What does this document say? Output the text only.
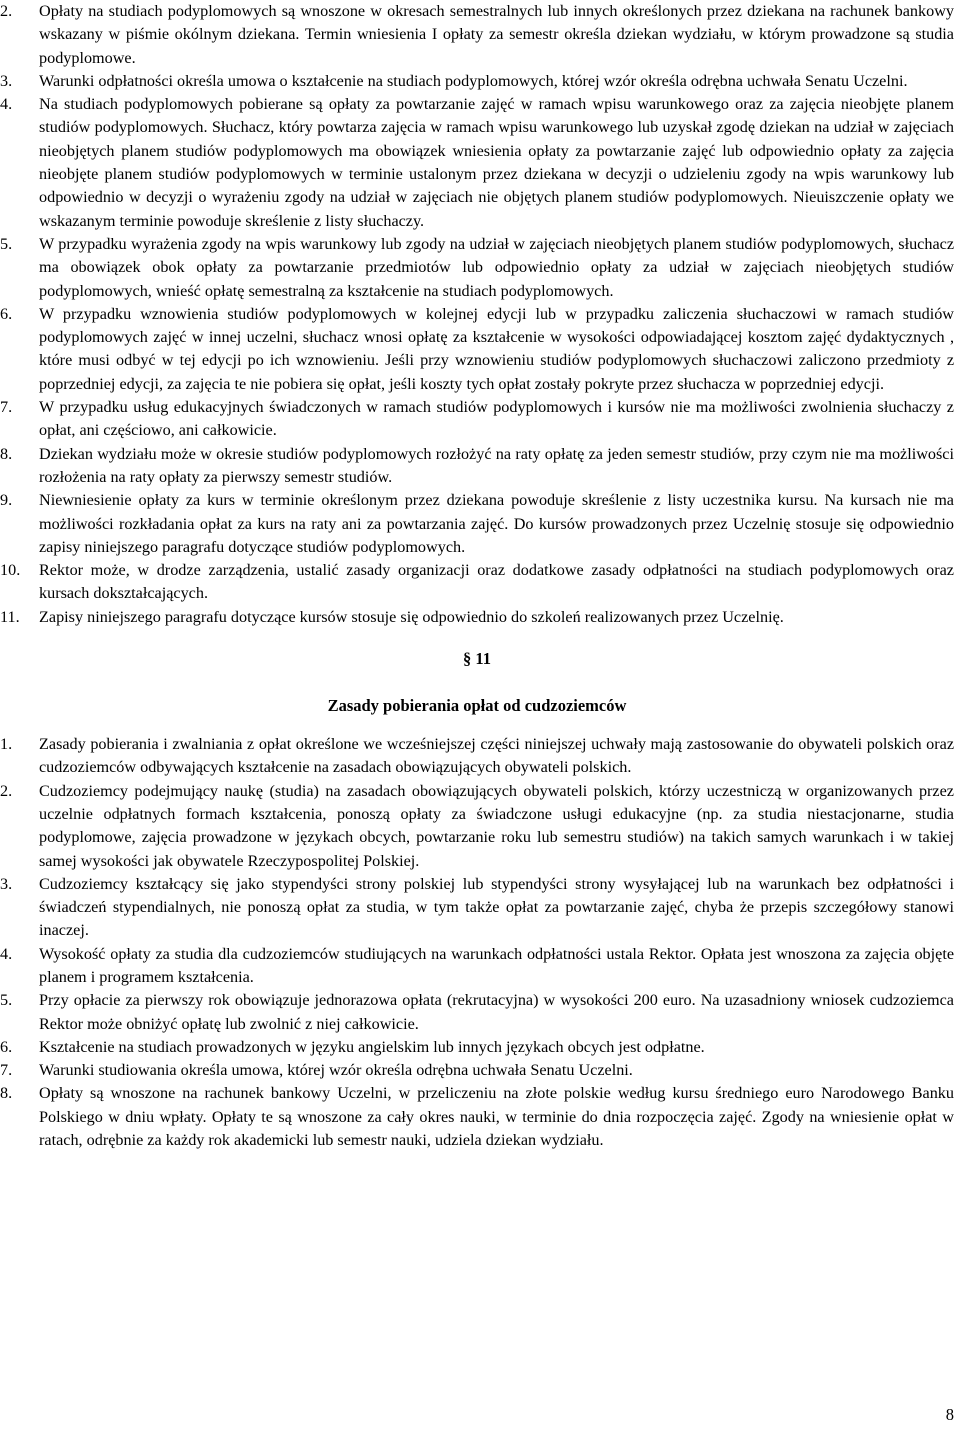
2.	Opłaty na studiach podyplomowych są wnoszone w okresach semestralnych lub innych określonych przez dziekana na rachunek bankowy wskazany w piśmie okólnym dziekana. Termin wniesienia I opłaty za semestr określa dziekan wydziału, w którym prowadzone są studia podyplomowe.
3.	Warunki odpłatności określa umowa o kształcenie na studiach podyplomowych, której wzór określa odrębna uchwała Senatu Uczelni.
4.	Na studiach podyplomowych pobierane są opłaty za powtarzanie zajęć w ramach wpisu warunkowego oraz za zajęcia nieobjęte planem studiów podyplomowych. Słuchacz, który powtarza zajęcia w ramach wpisu warunkowego lub uzyskał zgodę dziekan na udział w zajęciach nieobjętych planem studiów podyplomowych ma obowiązek wniesienia opłaty za powtarzanie zajęć lub odpowiednio opłaty za zajęcia nieobjęte planem studiów podyplomowych w terminie ustalonym przez dziekana w decyzji o udzieleniu zgody na wpis warunkowy lub odpowiednio w decyzji o wyrażeniu zgody na udział w zajęciach nie objętych planem studiów podyplomowych. Nieuiszczenie opłaty we wskazanym terminie powoduje skreślenie z listy słuchaczy.
5.	W przypadku wyrażenia zgody na wpis warunkowy lub zgody na udział w zajęciach nieobjętych planem studiów podyplomowych, słuchacz ma obowiązek obok opłaty za powtarzanie przedmiotów lub odpowiednio opłaty za udział w zajęciach nieobjętych studiów podyplomowych, wnieść opłatę semestralną za kształcenie na studiach podyplomowych.
6.	W przypadku wznowienia studiów podyplomowych w kolejnej edycji lub w przypadku zaliczenia słuchaczowi w ramach studiów podyplomowych zajęć w innej uczelni, słuchacz wnosi opłatę za kształcenie w wysokości odpowiadającej kosztom zajęć dydaktycznych , które musi odbyć w tej edycji po ich wznowieniu. Jeśli przy wznowieniu studiów podyplomowych słuchaczowi zaliczono przedmioty z poprzedniej edycji, za zajęcia te nie pobiera się opłat, jeśli koszty tych opłat zostały pokryte przez słuchacza w poprzedniej edycji.
7.	W przypadku usług edukacyjnych świadczonych w ramach studiów podyplomowych i kursów nie ma możliwości zwolnienia słuchaczy z opłat, ani częściowo, ani całkowicie.
8.	Dziekan wydziału może w okresie studiów podyplomowych rozłożyć na raty opłatę za jeden semestr studiów, przy czym nie ma możliwości rozłożenia na raty opłaty za pierwszy semestr studiów.
9.	Niewniesienie opłaty za kurs w terminie określonym przez dziekana powoduje skreślenie z listy uczestnika kursu. Na kursach nie ma możliwości rozkładania opłat za kurs na raty ani za powtarzania zajęć. Do kursów prowadzonych przez Uczelnię stosuje się odpowiednio zapisy niniejszego paragrafu dotyczące studiów podyplomowych.
10.	Rektor może, w drodze zarządzenia, ustalić zasady organizacji oraz dodatkowe zasady odpłatności na studiach podyplomowych oraz kursach dokształcających.
11.	Zapisy niniejszego paragrafu dotyczące kursów stosuje się odpowiednio do szkoleń realizowanych przez Uczelnię.
§ 11
Zasady pobierania opłat od cudzoziemców
1.	Zasady pobierania i zwalniania z opłat określone we wcześniejszej części niniejszej uchwały mają zastosowanie do obywateli polskich oraz cudzoziemców odbywających kształcenie na zasadach obowiązujących obywateli polskich.
2.	Cudzoziemcy podejmujący naukę (studia) na zasadach obowiązujących obywateli polskich, którzy uczestniczą w organizowanych przez uczelnie odpłatnych formach kształcenia, ponoszą opłaty za świadczone usługi edukacyjne (np. za studia niestacjonarne, studia podyplomowe, zajęcia prowadzone w językach obcych, powtarzanie roku lub semestru studiów) na takich samych warunkach i w takiej samej wysokości jak obywatele Rzeczypospolitej Polskiej.
3.	Cudzoziemcy kształcący się jako stypendyści strony polskiej lub stypendyści strony wysyłającej lub na warunkach bez odpłatności i świadczeń stypendialnych, nie ponoszą opłat za studia, w tym także opłat za powtarzanie zajęć, chyba że przepis szczegółowy stanowi inaczej.
4.	Wysokość opłaty za studia dla cudzoziemców studiujących na warunkach odpłatności ustala Rektor. Opłata jest wnoszona za zajęcia objęte planem i programem kształcenia.
5.	Przy opłacie za pierwszy rok obowiązuje jednorazowa opłata (rekrutacyjna) w wysokości 200 euro. Na uzasadniony wniosek cudzoziemca Rektor może obniżyć opłatę lub zwolnić z niej całkowicie.
6.	Kształcenie na studiach prowadzonych w języku angielskim lub innych językach obcych jest odpłatne.
7.	Warunki studiowania określa umowa, której wzór określa odrębna uchwała Senatu Uczelni.
8.	Opłaty są wnoszone na rachunek bankowy Uczelni, w przeliczeniu na złote polskie według kursu średniego euro Narodowego Banku Polskiego w dniu wpłaty. Opłaty te są wnoszone za cały okres nauki, w terminie do dnia rozpoczęcia zajęć. Zgody na wniesienie opłat w ratach, odrębnie za każdy rok akademicki lub semestr nauki, udziela dziekan wydziału.
8
